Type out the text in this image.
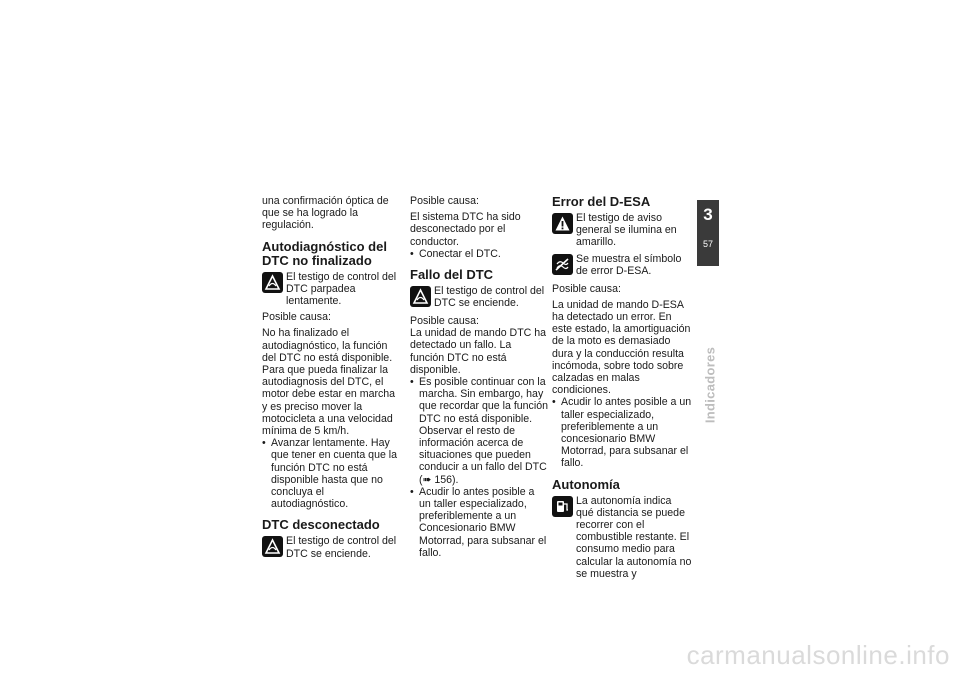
una confirmación óptica de que se ha logrado la regulación.

Autodiagnóstico del DTC no finalizado
El testigo de control del DTC parpadea lentamente.

Posible causa:

No ha finalizado el autodiagnóstico, la función del DTC no está disponible. Para que pueda finalizar la autodiagnosis del DTC, el motor debe estar en marcha y es preciso mover la motocicleta a una velocidad mínima de 5 km/h.

• Avanzar lentamente. Hay que tener en cuenta que la función DTC no está disponible hasta que no concluya el autodiagnóstico.

DTC desconectado
El testigo de control del DTC se enciende.

Posible causa:

El sistema DTC ha sido desconectado por el conductor.

• Conectar el DTC.

Fallo del DTC
El testigo de control del DTC se enciende.

Posible causa:

La unidad de mando DTC ha detectado un fallo. La función DTC no está disponible.

• Es posible continuar con la marcha. Sin embargo, hay que recordar que la función DTC no está disponible. Observar el resto de información acerca de situaciones que pueden conducir a un fallo del DTC (➠ 156).

• Acudir lo antes posible a un taller especializado, preferiblemente a un Concesionario BMW Motorrad, para subsanar el fallo.

Error del D-ESA
El testigo de aviso general se ilumina en amarillo.
Se muestra el símbolo de error D-ESA.

Posible causa:

La unidad de mando D-ESA ha detectado un error. En este estado, la amortiguación de la moto es demasiado dura y la conducción resulta incómoda, sobre todo sobre calzadas en malas condiciones.

• Acudir lo antes posible a un taller especializado, preferiblemente a un concesionario BMW Motorrad, para subsanar el fallo.

Autonomía
La autonomía indica qué distancia se puede recorrer con el combustible restante. El consumo medio para calcular la autonomía no se muestra y
3
57
Indicadores
carmanualsonline.info
